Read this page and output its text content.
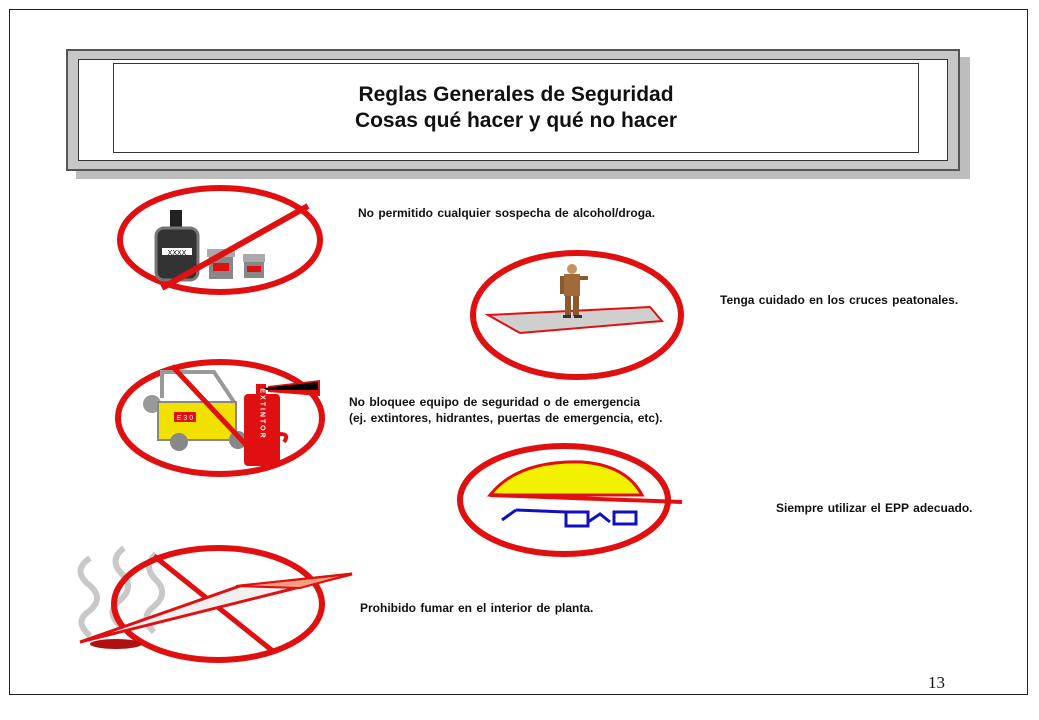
Reglas Generales de Seguridad
Cosas qué hacer y qué no hacer
XXXX
No permitido cualquier sospecha de alcohol/droga.
Tenga cuidado en los cruces peatonales.
E 3 0	EXTINTOR	No bloquee equipo de seguridad o de emergencia
(ej. extintores, hidrantes, puertas de emergencia, etc).
Siempre utilizar el EPP adecuado.
Prohibido fumar en el interior de planta.
13
